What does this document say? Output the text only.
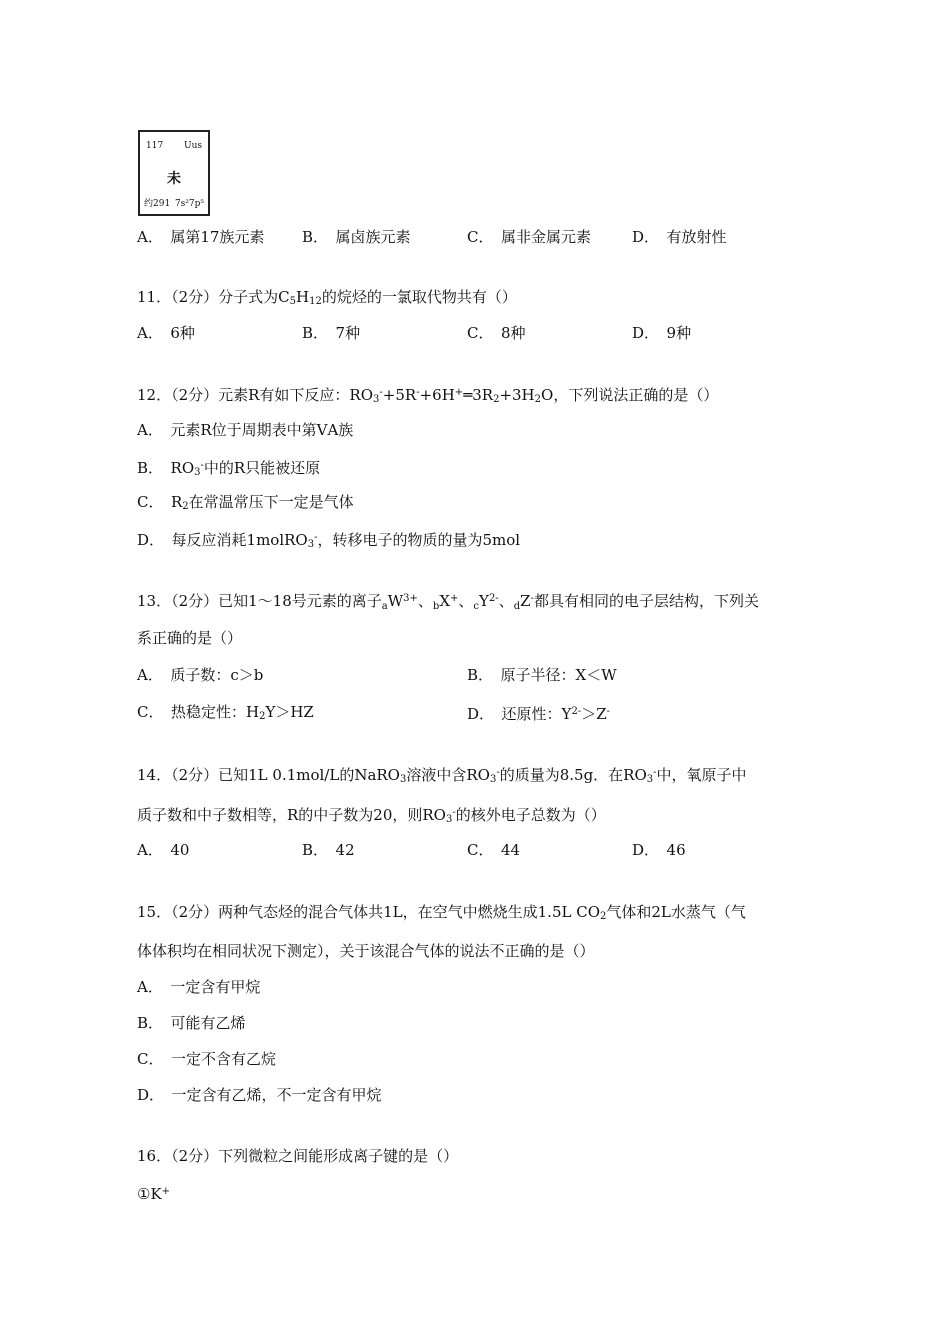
117 Uus
未
约291 7s²7p⁵
A．　属第17族元素	B．　属卤族元素	C．　属非金属元素	D．　有放射性
11．（2分）分子式为$C_5H_{12}$的烷烃的一氯取代物共有（）
A．　6种	B．　7种	C．　8种	D．　9种
12．（2分）元素R有如下反应：$RO_3^-+5R^-+6H^+═3R_2+3H_2O$，下列说法正确的是（）
A．　元素R位于周期表中第ⅤA族
B．　$RO_3^-$中的R只能被还原
C．　$R_2$在常温常压下一定是气体
D．　每反应消耗1molRO$_3$-，转移电子的物质的量为5mol
13．（2分）已知1～18号元素的离子$_aW^{3+}$、$_b$X+、$_cY^{2-}$、$_d$Z-都具有相同的电子层结构，下列关
系正确的是（）
A．　质子数：c＞b	B．　原子半径：X＜W
C．　热稳定性：$H_2Y>HZ$	D．　还原性：$Y^{2-}>Z^-$
14．（2分）已知1L 0.1mol/L的NaRO$_3$溶液中含$RO_3^-$的质量为8.5g．在$RO_3^-$中，氧原子中
质子数和中子数相等，R的中子数为20，则$RO_3^-$的核外电子总数为（）
A．　40	B．　42	C．　44	D．　46
15．（2分）两种气态烃的混合气体共1L，在空气中燃烧生成1.5L $CO_2$气体和2L水蒸气（气
体体积均在相同状况下测定），关于该混合气体的说法不正确的是（）
A．　一定含有甲烷
B．　可能有乙烯
C．　一定不含有乙烷
D．　一定含有乙烯，不一定含有甲烷
16．（2分）下列微粒之间能形成离子键的是（）
①K+
